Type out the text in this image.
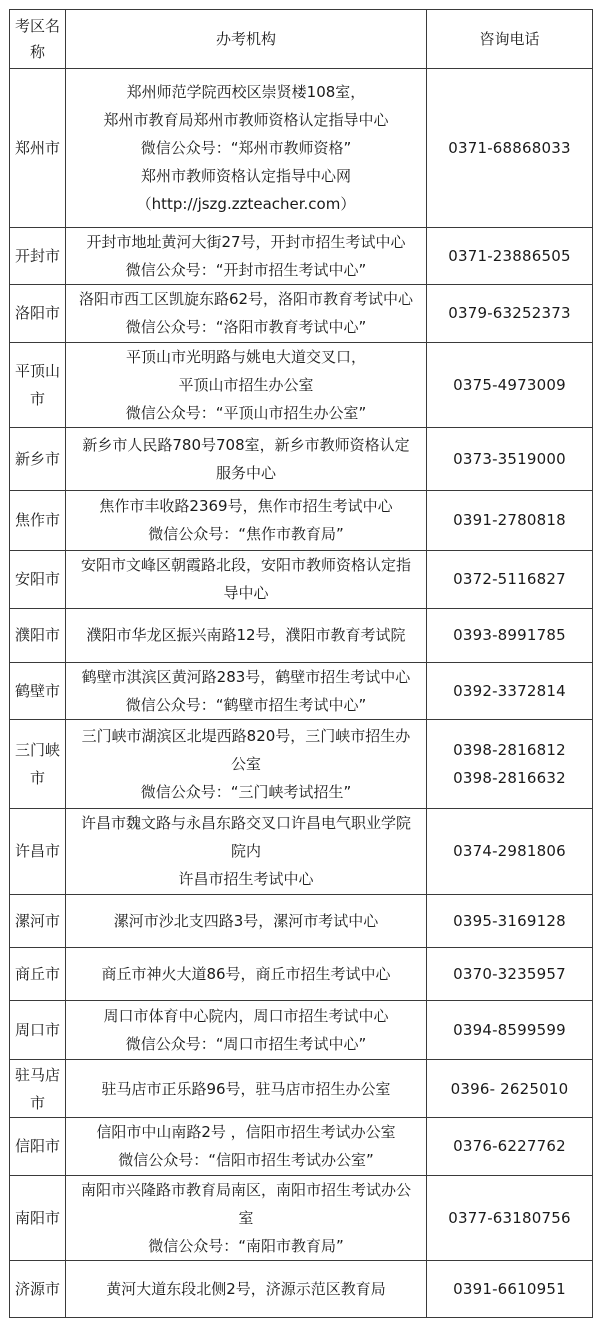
考区名称	办考机构	咨询电话

郑州市	郑州师范学院西校区崇贤楼108室，
郑州市教育局郑州市教师资格认定指导中心
微信公众号：“郑州市教师资格”
郑州市教师资格认定指导中心网
（http://jszg.zzteacher.com）	0371-68868033

开封市	开封市地址黄河大街27号，开封市招生考试中心
微信公众号：“开封市招生考试中心”	0371-23886505

洛阳市	洛阳市西工区凯旋东路62号，洛阳市教育考试中心
微信公众号：“洛阳市教育考试中心”	0379-63252373

平顶山
市	平顶山市光明路与姚电大道交叉口，
平顶山市招生办公室
微信公众号：“平顶山市招生办公室”	0375-4973009

新乡市	新乡市人民路780号708室，新乡市教师资格认定
服务中心	0373-3519000

焦作市	焦作市丰收路2369号，焦作市招生考试中心
微信公众号：“焦作市教育局”	0391-2780818

安阳市	安阳市文峰区朝霞路北段，安阳市教师资格认定指
导中心	0372-5116827

濮阳市	濮阳市华龙区振兴南路12号，濮阳市教育考试院	0393-8991785

鹤壁市	鹤壁市淇滨区黄河路283号，鹤壁市招生考试中心
微信公众号：“鹤壁市招生考试中心”	0392-3372814

三门峡
市	三门峡市湖滨区北堤西路820号，三门峡市招生办
公室
微信公众号：“三门峡考试招生”	0398-2816812
0398-2816632

许昌市	许昌市魏文路与永昌东路交叉口许昌电气职业学院
院内
许昌市招生考试中心	0374-2981806

漯河市	漯河市沙北支四路3号，漯河市考试中心	0395-3169128

商丘市	商丘市神火大道86号，商丘市招生考试中心	0370-3235957

周口市	周口市体育中心院内，周口市招生考试中心
微信公众号：“周口市招生考试中心”	0394-8599599

驻马店
市	驻马店市正乐路96号，驻马店市招生办公室	0396- 2625010

信阳市	信阳市中山南路2号 ，信阳市招生考试办公室
微信公众号：“信阳市招生考试办公室”	0376-6227762

南阳市	南阳市兴隆路市教育局南区，南阳市招生考试办公
室
微信公众号：“南阳市教育局”	0377-63180756

济源市	黄河大道东段北侧2号，济源示范区教育局	0391-6610951
